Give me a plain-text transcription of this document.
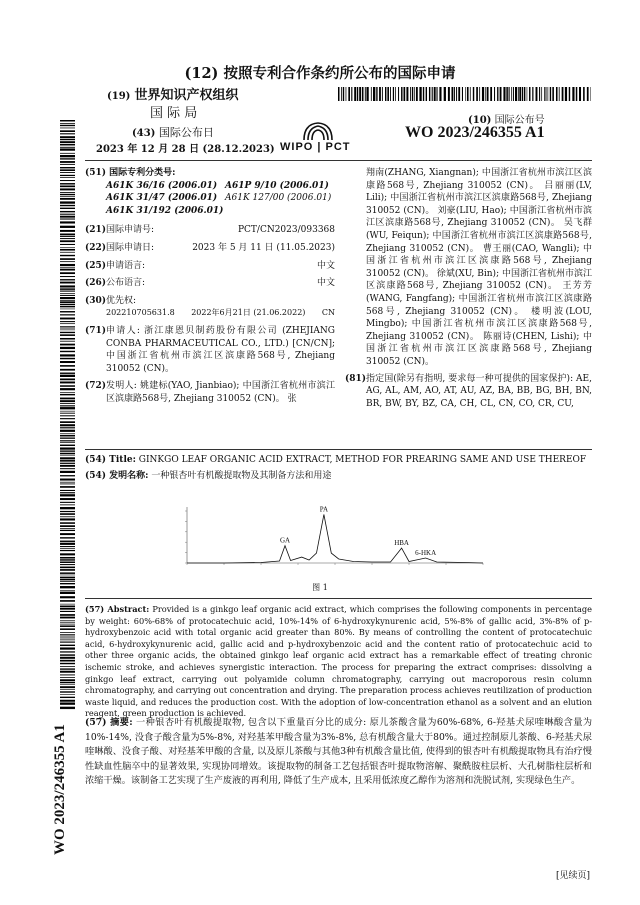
(12) 按照专利合作条约所公布的国际申请
(19) 世界知识产权组织
国 际 局	(10) 国际公布号
WO 2023/246355 A1
(43) 国际公布日
2023 年 12 月 28 日 (28.12.2023) WIPO | PCT
WO 2023/246355 A1
(51) 国际专利分类号:
A61K 36/16 (2006.01) A61P 9/10 (2006.01)
A61K 31/47 (2006.01) A61K 127/00 (2006.01)
A61K 31/192 (2006.01)
(21)国际申请号:	PCT/CN2023/093368
(22)国际申请日:	2023 年 5 月 11 日 (11.05.2023)
(25)申请语言:	中文
(26)公布语言:	中文
(30)优先权:
202210705631.8 2022年6月21日 (21.06.2022) CN
(71) 申请人: 浙江康恩贝制药股份有限公司 (ZHEJIANG CONBA PHARMACEUTICAL CO., LTD.) [CN/CN]; 中国浙江省杭州市滨江区滨康路568号, Zhejiang 310052 (CN)。
(72) 发明人: 姚建标(YAO, Jianbiao); 中国浙江省杭州市滨江区滨康路568号, Zhejiang 310052 (CN)。 张
翔南(ZHANG, Xiangnan); 中国浙江省杭州市滨江区滨康路568号, Zhejiang 310052 (CN)。 吕丽丽(LV, Lili); 中国浙江省杭州市滨江区滨康路568号, Zhejiang 310052 (CN)。 刘豪(LIU, Hao); 中国浙江省杭州市滨江区滨康路568号, Zhejiang 310052 (CN)。 吴飞群(WU, Feiqun); 中国浙江省杭州市滨江区滨康路568号, Zhejiang 310052 (CN)。 曹王丽(CAO, Wangli); 中国浙江省杭州市滨江区滨康路568号, Zhejiang 310052 (CN)。 徐斌(XU, Bin); 中国浙江省杭州市滨江区滨康路568号, Zhejiang 310052 (CN)。 王芳芳(WANG, Fangfang); 中国浙江省杭州市滨江区滨康路568号, Zhejiang 310052 (CN)。 楼明波(LOU, Mingbo); 中国浙江省杭州市滨江区滨康路568号, Zhejiang 310052 (CN)。 陈丽诗(CHEN, Lishi); 中国浙江省杭州市滨江区滨康路568号, Zhejiang 310052 (CN)。
(81) 指定国(除另有指明, 要求每一种可提供的国家保护): AE, AG, AL, AM, AO, AT, AU, AZ, BA, BB, BG, BH, BN, BR, BW, BY, BZ, CA, CH, CL, CN, CO, CR, CU,
(54) Title: GINKGO LEAF ORGANIC ACID EXTRACT, METHOD FOR PREARING SAME AND USE THEREOF
(54) 发明名称: 一种银杏叶有机酸提取物及其制备方法和用途
GA
PA
HBA
6-HKA
图 1
(57) Abstract: Provided is a ginkgo leaf organic acid extract, which comprises the following components in percentage by weight: 60%-68% of protocatechuic acid, 10%-14% of 6-hydroxykynurenic acid, 5%-8% of gallic acid, 3%-8% of p-hydroxybenzoic acid with total organic acid greater than 80%. By means of controlling the content of protocatechuic acid, 6-hydroxykynurenic acid, gallic acid and p-hydroxybenzoic acid and the content ratio of protocatechuic acid to other three organic acids, the obtained ginkgo leaf organic acid extract has a remarkable effect of treating chronic ischemic stroke, and achieves synergistic interaction. The process for preparing the extract comprises: dissolving a ginkgo leaf extract, carrying out polyamide column chromatography, carrying out macroporous resin column chromatography, and carrying out concentration and drying. The preparation process achieves reutilization of production waste liquid, and reduces the production cost. With the adoption of low-concentration ethanol as a solvent and an elution reagent, green production is achieved.
(57) 摘要: 一种银杏叶有机酸提取物, 包含以下重量百分比的成分: 原儿茶酸含量为60%-68%, 6-羟基犬尿喹啉酸含量为10%-14%, 没食子酸含量为5%-8%, 对羟基苯甲酸含量为3%-8%, 总有机酸含量大于80%。通过控制原儿茶酸、6-羟基犬尿喹啉酸、没食子酸、对羟基苯甲酸的含量, 以及原儿茶酸与其他3种有机酸含量比值, 使得到的银杏叶有机酸提取物具有治疗慢性缺血性脑卒中的显著效果, 实现协同增效。该提取物的制备工艺包括银杏叶提取物溶解、聚酰胺柱层析、大孔树脂柱层析和浓缩干燥。该制备工艺实现了生产废液的再利用, 降低了生产成本, 且采用低浓度乙醇作为溶剂和洗脱试剂, 实现绿色生产。
[见续页]
